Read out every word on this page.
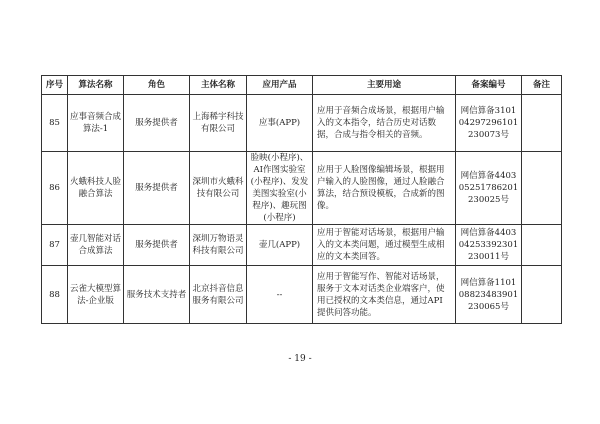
序号	算法名称	角色	主体名称	应用产品	主要用途	备案编号	备注
85	应事音频合成算法-1	服务提供者	上海稀宇科技有限公司	应事(APP)	应用于音频合成场景，根据用户输入的文本指令，结合历史对话数据，合成与指令相关的音频。	网信算备310104297296101230073号	
86	火蛾科技人脸融合算法	服务提供者	深圳市火蛾科技有限公司	脸映(小程序)、AI作图实验室(小程序)、发发美图实验室(小程序)、趣玩图(小程序)	应用于人脸图像编辑场景，根据用户输入的人脸图像，通过人脸融合算法，结合预设模板，合成新的图像。	网信算备440305251786201230025号	
87	壶几智能对话合成算法	服务提供者	深圳万物语灵科技有限公司	壶几(APP)	应用于智能对话场景，根据用户输入的文本类问题，通过模型生成相应的文本类回答。	网信算备440304253392301230011号	
88	云雀大模型算法-企业版	服务技术支持者	北京抖音信息服务有限公司	--	应用于智能写作、智能对话场景，服务于文本对话类企业端客户，使用已授权的文本类信息，通过API提供问答功能。	网信算备110108823483901230065号	
- 19 -
